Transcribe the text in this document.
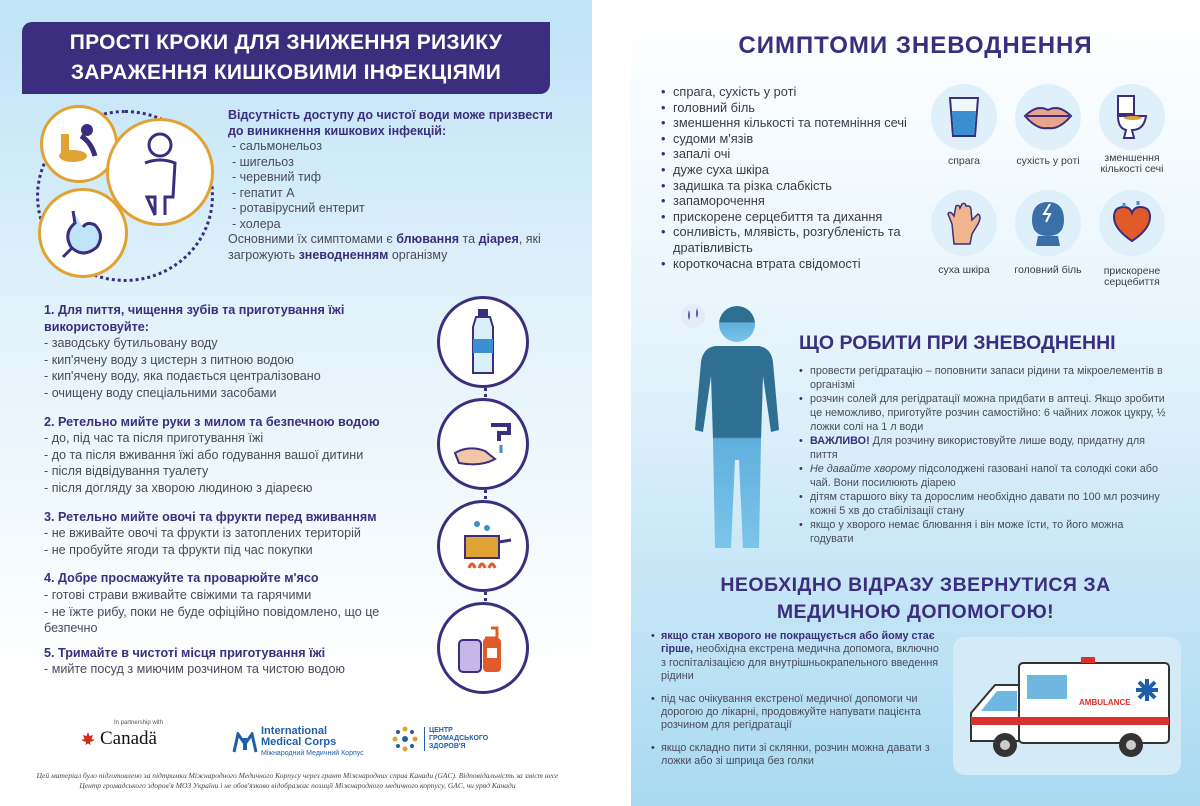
ПРОСТІ КРОКИ ДЛЯ ЗНИЖЕННЯ РИЗИКУ
ЗАРАЖЕННЯ КИШКОВИМИ ІНФЕКЦІЯМИ
Відсутність доступу до чистої води може призвести до виникнення кишкових інфекцій:
- сальмонельоз
- шигельоз
- черевний тиф
- гепатит А
- ротавірусний ентерит
- холера
Основними їх симптомами є блювання та діарея, які загрожують зневодненням організму
1. Для пиття, чищення зубів та приготування їжі використовуйте:
- заводську бутильовану воду
- кип'ячену воду з цистерн з питною водою
- кип'ячену воду, яка подається централізовано
- очищену воду спеціальними засобами
2. Ретельно мийте руки з милом та безпечною водою
- до, під час та після приготування їжі
- до та після вживання їжі або годування вашої дитини
- після відвідування туалету
- після догляду за хворою людиною з діареєю
3. Ретельно мийте овочі та фрукти перед вживанням
- не вживайте овочі та фрукти із затоплених територій
- не пробуйте ягоди та фрукти під час покупки
4. Добре просмажуйте та проварюйте м'ясо
- готові страви вживайте свіжими та гарячими
- не їжте рибу, поки не буде офіційно повідомлено, що це безпечно
5. Тримайте в чистоті місця приготування їжі
- мийте посуд з миючим розчином та чистою водою
In partnership with
Canadä	International
Medical Corps
Міжнародний Медичний Корпус
ЦЕНТР
ГРОМАДСЬКОГО
ЗДОРОВ'Я
Цей матеріал було підготовлено за підтримки Міжнародного Медичного Корпусу через грант Міжнародних справ Канади (GAC). Відповідальність за зміст несе
Центр громадського здоров'я МОЗ України і не обов'язково відображає позиції Міжнародного медичного корпусу, GAC, чи уряд Канади
СИМПТОМИ ЗНЕВОДНЕННЯ
• спрага, сухість у роті
• головний біль
• зменшення кількості та потемніння сечі
• судоми м'язів
• запалі очі
• дуже суха шкіра
• задишка та різка слабкість
• запаморочення
• прискорене серцебиття та дихання
• сонливість, млявість, розгубленість та дратівливість
• короткочасна втрата свідомості
спрага	сухість у роті	зменшення кількості сечі
суха шкіра	головний біль	прискорене серцебиття
ЩО РОБИТИ ПРИ ЗНЕВОДНЕННІ
• провести регідратацію – поповнити запаси рідини та мікроелементів в організмі
• розчин солей для регідратації можна придбати в аптеці. Якщо зробити це неможливо, приготуйте розчин самостійно: 6 чайних ложок цукру, ½ ложки солі на 1 л води
• ВАЖЛИВО! Для розчину використовуйте лише воду, придатну для пиття
• Не давайте хворому підсолоджені газовані напої та солодкі соки або чай. Вони посилюють діарею
• дітям старшого віку та дорослим необхідно давати по 100 мл розчину кожні 5 хв до стабілізації стану
• якщо у хворого немає блювання і він може їсти, то його можна годувати
НЕОБХІДНО ВІДРАЗУ ЗВЕРНУТИСЯ ЗА
МЕДИЧНОЮ ДОПОМОГОЮ!
• якщо стан хворого не покращується або йому стає гірше, необхідна екстрена медична допомога, включно з госпіталізацією для внутрішньокрапельного введення рідини
• під час очікування екстреної медичної допомоги чи дорогою до лікарні, продовжуйте напувати пацієнта розчином для регідратації
• якщо складно пити зі склянки, розчин можна давати з ложки або зі шприца без голки
AMBULANCE
